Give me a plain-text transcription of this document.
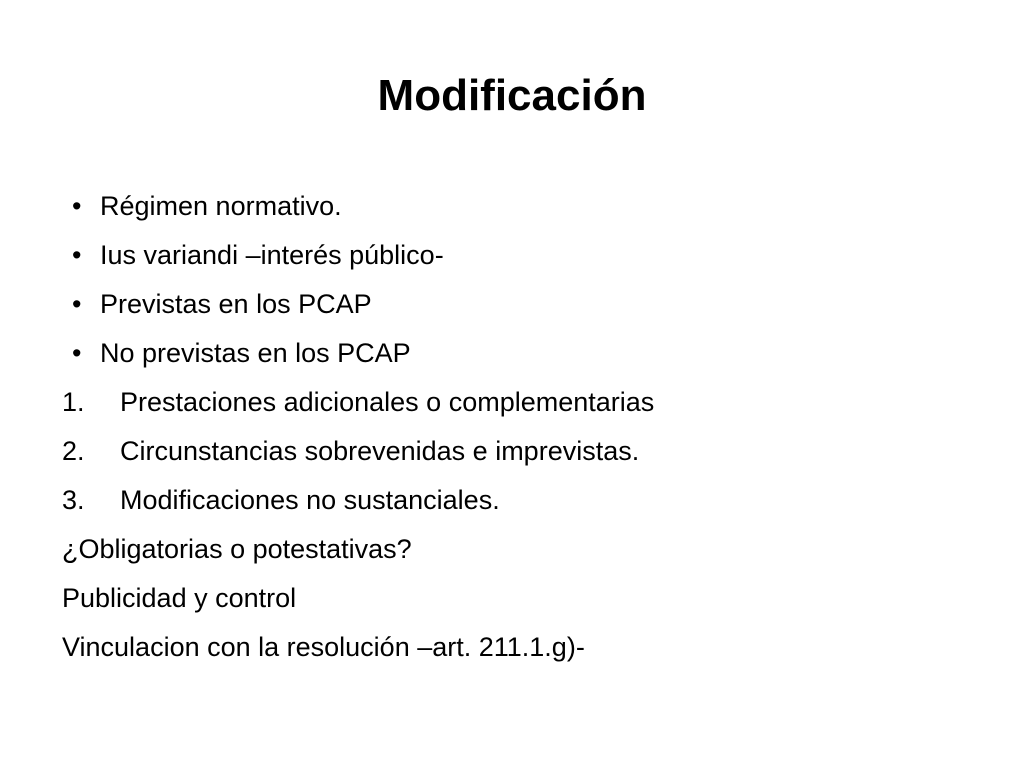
Modificación
• Régimen normativo.
• Ius variandi –interés público-
• Previstas en los PCAP
• No previstas en los PCAP
1. Prestaciones adicionales o complementarias
2. Circunstancias sobrevenidas e imprevistas.
3. Modificaciones no sustanciales.
¿Obligatorias o potestativas?
Publicidad y control
Vinculacion con la resolución –art. 211.1.g)-
